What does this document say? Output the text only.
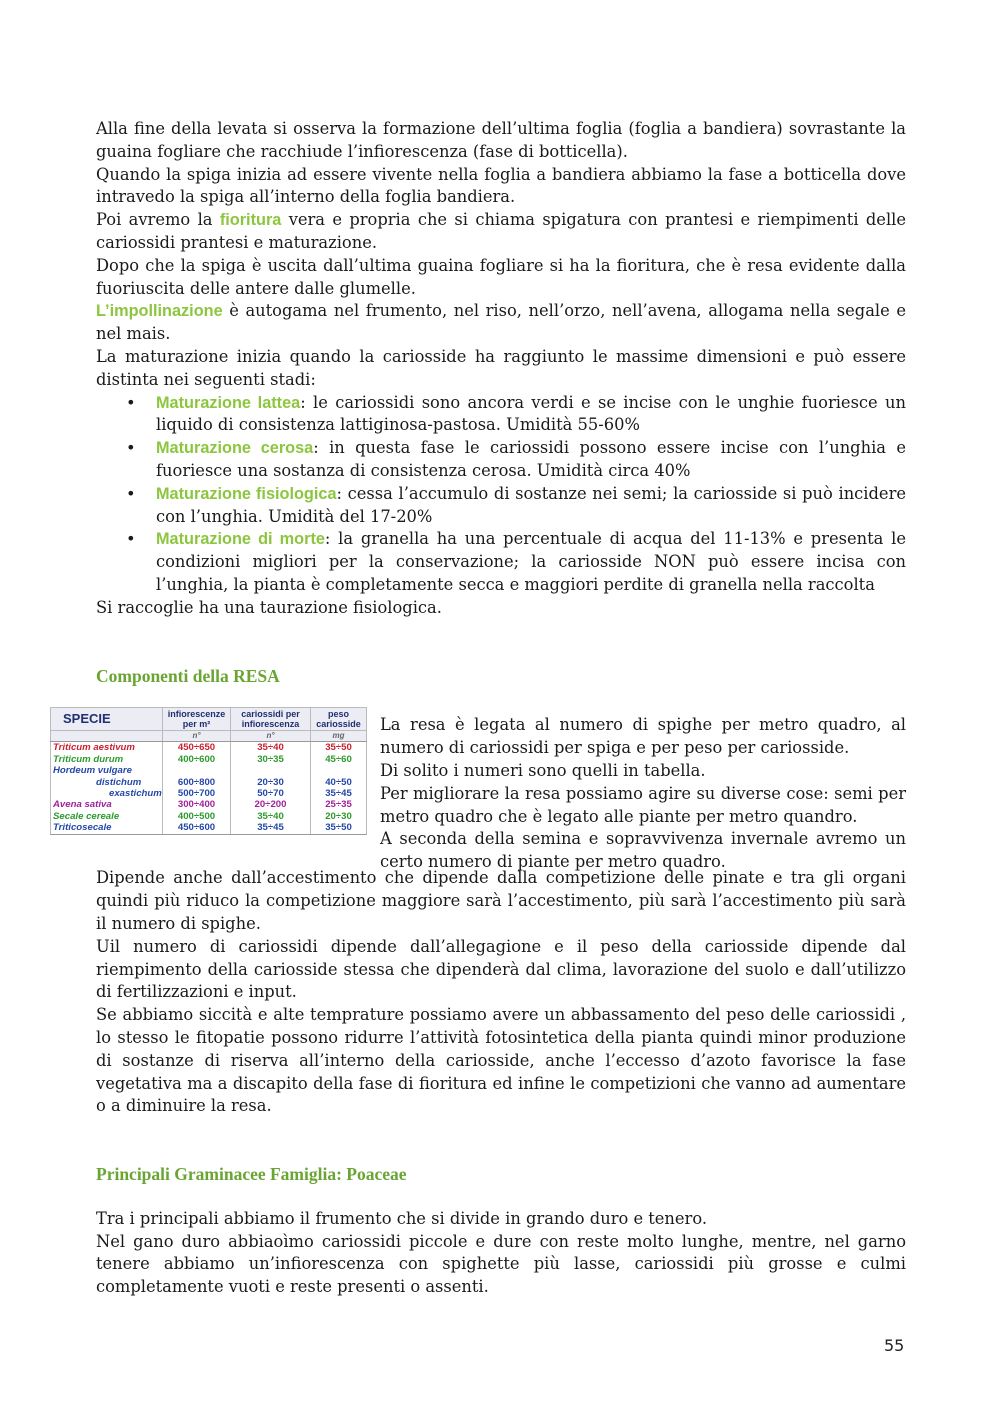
Alla fine della levata si osserva la formazione dell’ultima foglia (foglia a bandiera) sovrastante la guaina fogliare che racchiude l’infiorescenza (fase di botticella).

Quando la spiga inizia ad essere vivente nella foglia a bandiera abbiamo la fase a botticella dove intravedo la spiga all’interno della foglia bandiera.

Poi avremo la fioritura vera e propria che si chiama spigatura con prantesi e riempimenti delle cariossidi prantesi e maturazione.

Dopo che la spiga è uscita dall’ultima guaina fogliare si ha la fioritura, che è resa evidente dalla fuoriuscita delle antere dalle glumelle.

L’impollinazione è autogama nel frumento, nel riso, nell’orzo, nell’avena, allogama nella segale e nel mais.

La maturazione inizia quando la cariosside ha raggiunto le massime dimensioni e può essere distinta nei seguenti stadi:

• Maturazione lattea: le cariossidi sono ancora verdi e se incise con le unghie fuoriesce un liquido di consistenza lattiginosa-pastosa. Umidità 55-60%
• Maturazione cerosa: in questa fase le cariossidi possono essere incise con l’unghia e fuoriesce una sostanza di consistenza cerosa. Umidità circa 40%
• Maturazione fisiologica: cessa l’accumulo di sostanze nei semi; la cariosside si può incidere con l’unghia. Umidità del 17-20%
• Maturazione di morte: la granella ha una percentuale di acqua del 11-13% e presenta le condizioni migliori per la conservazione; la cariosside NON può essere incisa con l’unghia, la pianta è completamente secca e maggiori perdite di granella nella raccolta

Si raccoglie ha una taurazione fisiologica.

Componenti della RESA
SPECIE	infiorescenze per m²	cariossidi per infiorescenza	peso cariosside
	n°	n°	mg
Triticum aestivum	450÷650	35÷40	35÷50
Triticum durum	400÷600	30÷35	45÷60
Hordeum vulgare			
distichum	600÷800	20÷30	40÷50
exastichum	500÷700	50÷70	35÷45
Avena sativa	300÷400	20÷200	25÷35
Secale cereale	400÷500	35÷40	20÷30
Triticosecale	450÷600	35÷45	35÷50

La resa è legata al numero di spighe per metro quadro, al numero di cariossidi per spiga e per peso per cariosside.

Di solito i numeri sono quelli in tabella.

Per migliorare la resa possiamo agire su diverse cose: semi per metro quadro che è legato alle piante per metro quandro.

A seconda della semina e sopravvivenza invernale avremo un certo numero di piante per metro quadro.

Dipende anche dall’accestimento che dipende dalla competizione delle pinate e tra gli organi quindi più riduco la competizione maggiore sarà l’accestimento, più sarà l’accestimento più sarà il numero di spighe.

Uil numero di cariossidi dipende dall’allegagione e il peso della cariosside dipende dal riempimento della cariosside stessa che dipenderà dal clima, lavorazione del suolo e dall’utilizzo di fertilizzazioni e input.

Se abbiamo siccità e alte temprature possiamo avere un abbassamento del peso delle cariossidi , lo stesso le fitopatie possono ridurre l’attività fotosintetica della pianta quindi minor produzione di sostanze di riserva all’interno della cariosside, anche l’eccesso d’azoto favorisce la fase vegetativa ma a discapito della fase di fioritura ed infine le competizioni che vanno ad aumentare o a diminuire la resa.

Principali Graminacee Famiglia: Poaceae

Tra i principali abbiamo il frumento che si divide in grando duro e tenero.

Nel gano duro abbiaoìmo cariossidi piccole e dure con reste molto lunghe, mentre, nel garno tenere abbiamo un’infiorescenza con spighette più lasse, cariossidi più grosse e culmi completamente vuoti e reste presenti o assenti.

55
